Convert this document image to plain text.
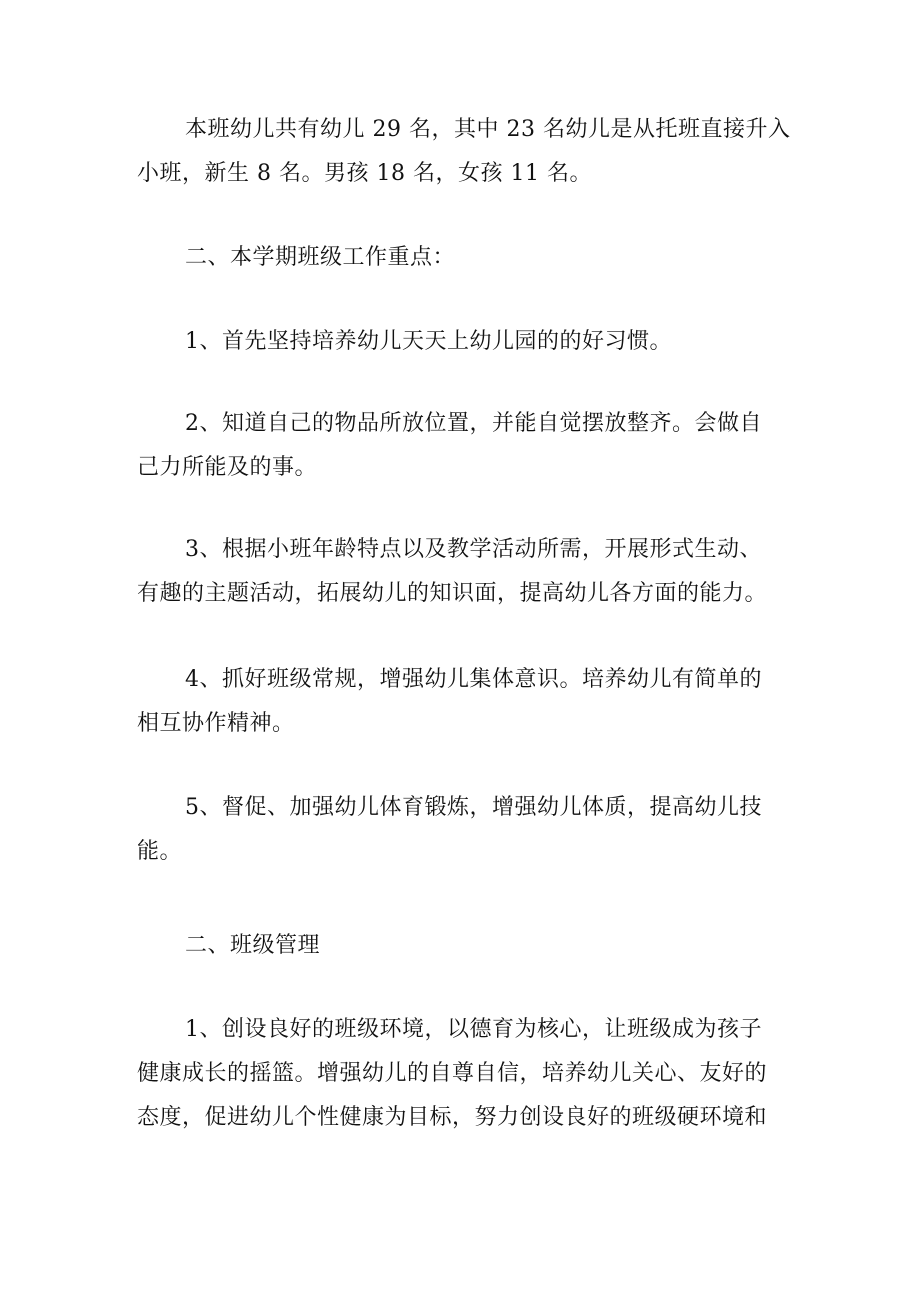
本班幼儿共有幼儿 29 名，其中 23 名幼儿是从托班直接升入
小班，新生 8 名。男孩 18 名，女孩 11 名。

二、本学期班级工作重点：

1、首先坚持培养幼儿天天上幼儿园的的好习惯。

2、知道自己的物品所放位置，并能自觉摆放整齐。会做自
己力所能及的事。

3、根据小班年龄特点以及教学活动所需，开展形式生动、
有趣的主题活动，拓展幼儿的知识面，提高幼儿各方面的能力。

4、抓好班级常规，增强幼儿集体意识。培养幼儿有简单的
相互协作精神。

5、督促、加强幼儿体育锻炼，增强幼儿体质，提高幼儿技
能。

二、班级管理

1、创设良好的班级环境，以德育为核心，让班级成为孩子
健康成长的摇篮。增强幼儿的自尊自信，培养幼儿关心、友好的
态度，促进幼儿个性健康为目标，努力创设良好的班级硬环境和
